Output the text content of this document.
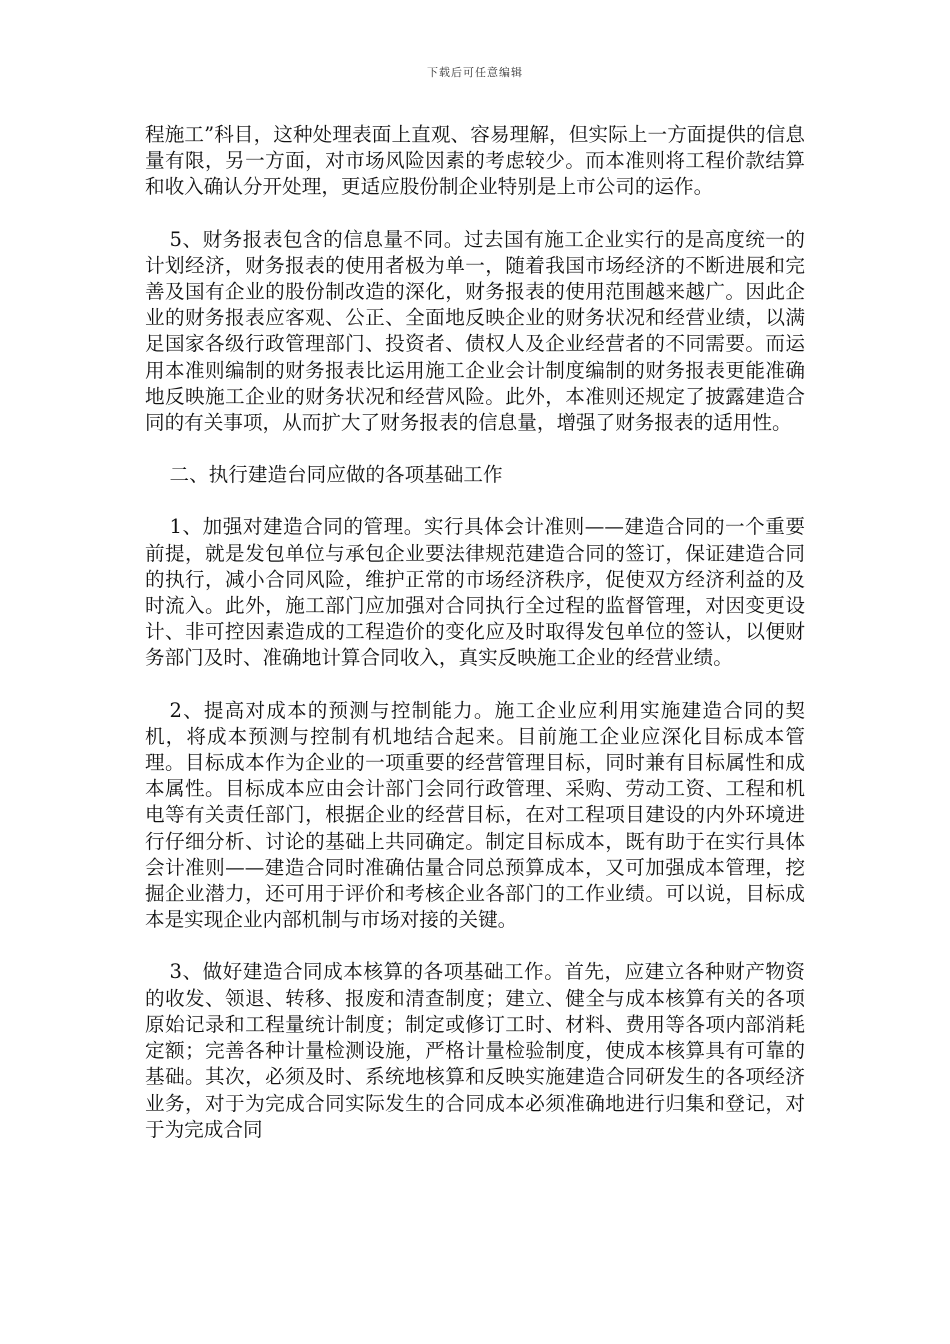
下载后可任意编辑

程施工”科目，这种处理表面上直观、容易理解，但实际上一方面提供的信息量有限，另一方面，对市场风险因素的考虑较少。而本准则将工程价款结算和收入确认分开处理，更适应股份制企业特别是上市公司的运作。

5、财务报表包含的信息量不同。过去国有施工企业实行的是高度统一的计划经济，财务报表的使用者极为单一，随着我国市场经济的不断进展和完善及国有企业的股份制改造的深化，财务报表的使用范围越来越广。因此企业的财务报表应客观、公正、全面地反映企业的财务状况和经营业绩，以满足国家各级行政管理部门、投资者、债权人及企业经营者的不同需要。而运用本准则编制的财务报表比运用施工企业会计制度编制的财务报表更能准确地反映施工企业的财务状况和经营风险。此外，本准则还规定了披露建造合同的有关事项，从而扩大了财务报表的信息量，增强了财务报表的适用性。

二、执行建造台同应做的各项基础工作

1、加强对建造合同的管理。实行具体会计准则——建造合同的一个重要前提，就是发包单位与承包企业要法律规范建造合同的签订，保证建造合同的执行，减小合同风险，维护正常的市场经济秩序，促使双方经济利益的及时流入。此外，施工部门应加强对合同执行全过程的监督管理，对因变更设计、非可控因素造成的工程造价的变化应及时取得发包单位的签认，以便财务部门及时、准确地计算合同收入，真实反映施工企业的经营业绩。

2、提高对成本的预测与控制能力。施工企业应利用实施建造合同的契机，将成本预测与控制有机地结合起来。目前施工企业应深化目标成本管理。目标成本作为企业的一项重要的经营管理目标，同时兼有目标属性和成本属性。目标成本应由会计部门会同行政管理、采购、劳动工资、工程和机电等有关责任部门，根据企业的经营目标，在对工程项目建设的内外环境进行仔细分析、讨论的基础上共同确定。制定目标成本，既有助于在实行具体会计准则——建造合同时准确估量合同总预算成本，又可加强成本管理，挖掘企业潜力，还可用于评价和考核企业各部门的工作业绩。可以说，目标成本是实现企业内部机制与市场对接的关键。

3、做好建造合同成本核算的各项基础工作。首先，应建立各种财产物资的收发、领退、转移、报废和清查制度；建立、健全与成本核算有关的各项原始记录和工程量统计制度；制定或修订工时、材料、费用等各项内部消耗定额；完善各种计量检测设施，严格计量检验制度，使成本核算具有可靠的基础。其次，必须及时、系统地核算和反映实施建造合同研发生的各项经济业务，对于为完成合同实际发生的合同成本必须准确地进行归集和登记，对于为完成合同
